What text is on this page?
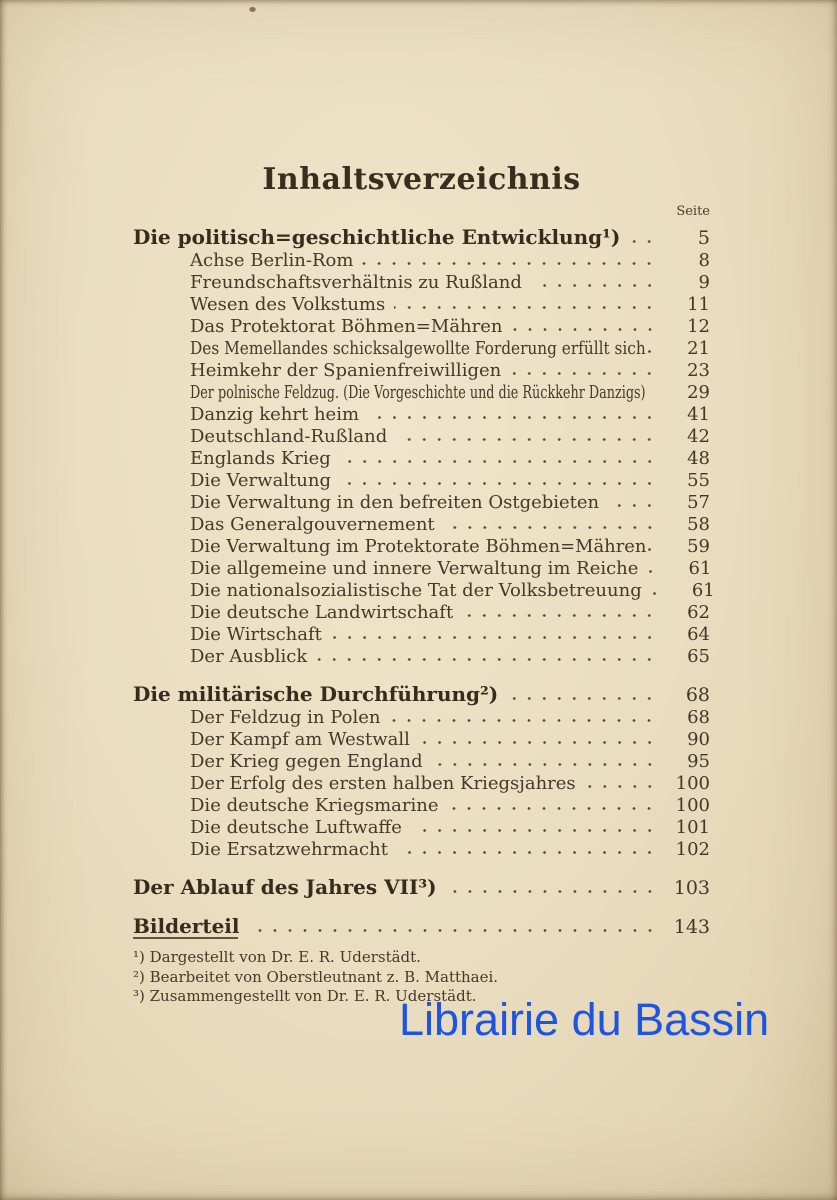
Inhaltsverzeichnis
Seite
Die politisch=geschichtliche Entwicklung¹)	5
Achse Berlin-Rom	8
Freundschaftsverhältnis zu Rußland	9
Wesen des Volkstums	11
Das Protektorat Böhmen=Mähren	12
Des Memellandes schicksalgewollte Forderung erfüllt sich	21
Heimkehr der Spanienfreiwilligen	23
Der polnische Feldzug. (Die Vorgeschichte und die Rückkehr Danzigs)	29
Danzig kehrt heim	41
Deutschland-Rußland	42
Englands Krieg	48
Die Verwaltung	55
Die Verwaltung in den befreiten Ostgebieten	57
Das Generalgouvernement	58
Die Verwaltung im Protektorate Böhmen=Mähren	59
Die allgemeine und innere Verwaltung im Reiche	61
Die nationalsozialistische Tat der Volksbetreuung	61
Die deutsche Landwirtschaft	62
Die Wirtschaft	64
Der Ausblick	65
Die militärische Durchführung²)	68
Der Feldzug in Polen	68
Der Kampf am Westwall	90
Der Krieg gegen England	95
Der Erfolg des ersten halben Kriegsjahres	100
Die deutsche Kriegsmarine	100
Die deutsche Luftwaffe	101
Die Ersatzwehrmacht	102
Der Ablauf des Jahres VII³)	103
Bilderteil	143
¹) Dargestellt von Dr. E. R. Uderstädt.
²) Bearbeitet von Oberstleutnant z. B. Matthaei.
³) Zusammengestellt von Dr. E. R. Uderstädt.
Librairie du Bassin
